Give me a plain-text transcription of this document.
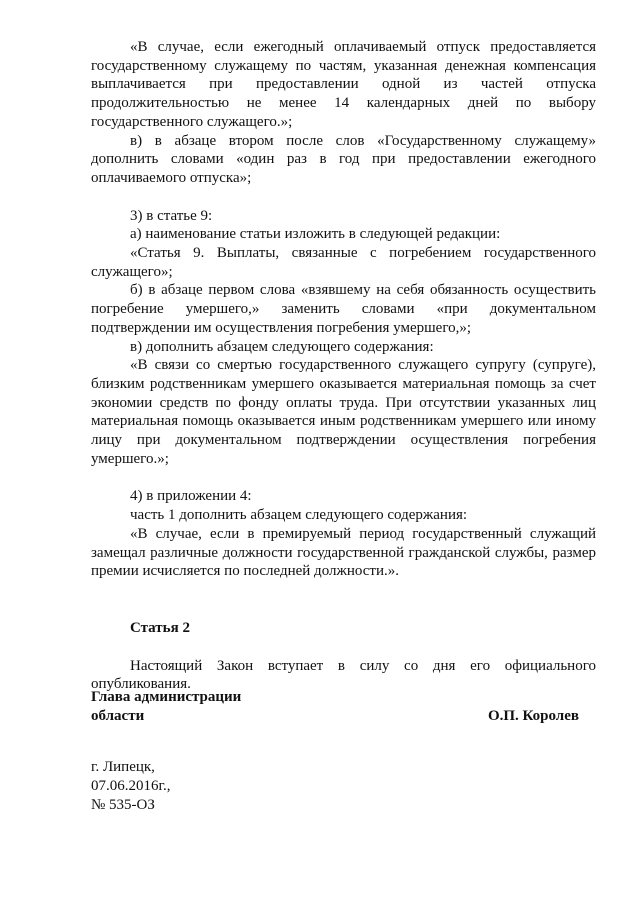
«В случае, если ежегодный оплачиваемый отпуск предоставляется государственному служащему по частям, указанная денежная компенсация выплачивается при предоставлении одной из частей отпуска продолжительностью не менее 14 календарных дней по выбору государственного служащего.»;

в) в абзаце втором после слов «Государственному служащему» дополнить словами «один раз в год при предоставлении ежегодного оплачиваемого отпуска»;

3) в статье 9:

а) наименование статьи изложить в следующей редакции:

«Статья 9. Выплаты, связанные с погребением государственного служащего»;

б) в абзаце первом слова «взявшему на себя обязанность осуществить погребение умершего,» заменить словами «при документальном подтверждении им осуществления погребения умершего,»;

в) дополнить абзацем следующего содержания:

«В связи со смертью государственного служащего супругу (супруге), близким родственникам умершего оказывается материальная помощь за счет экономии средств по фонду оплаты труда. При отсутствии указанных лиц материальная помощь оказывается иным родственникам умершего или иному лицу при документальном подтверждении осуществления погребения умершего.»;

4) в приложении 4:

часть 1 дополнить абзацем следующего содержания:

«В случае, если в премируемый период государственный служащий замещал различные должности государственной гражданской службы, размер премии исчисляется по последней должности.».

Статья 2

Настоящий Закон вступает в силу со дня его официального опубликования.

Глава администрации
области	О.П. Королев
г. Липецк,
07.06.2016г.,
№ 535-ОЗ
